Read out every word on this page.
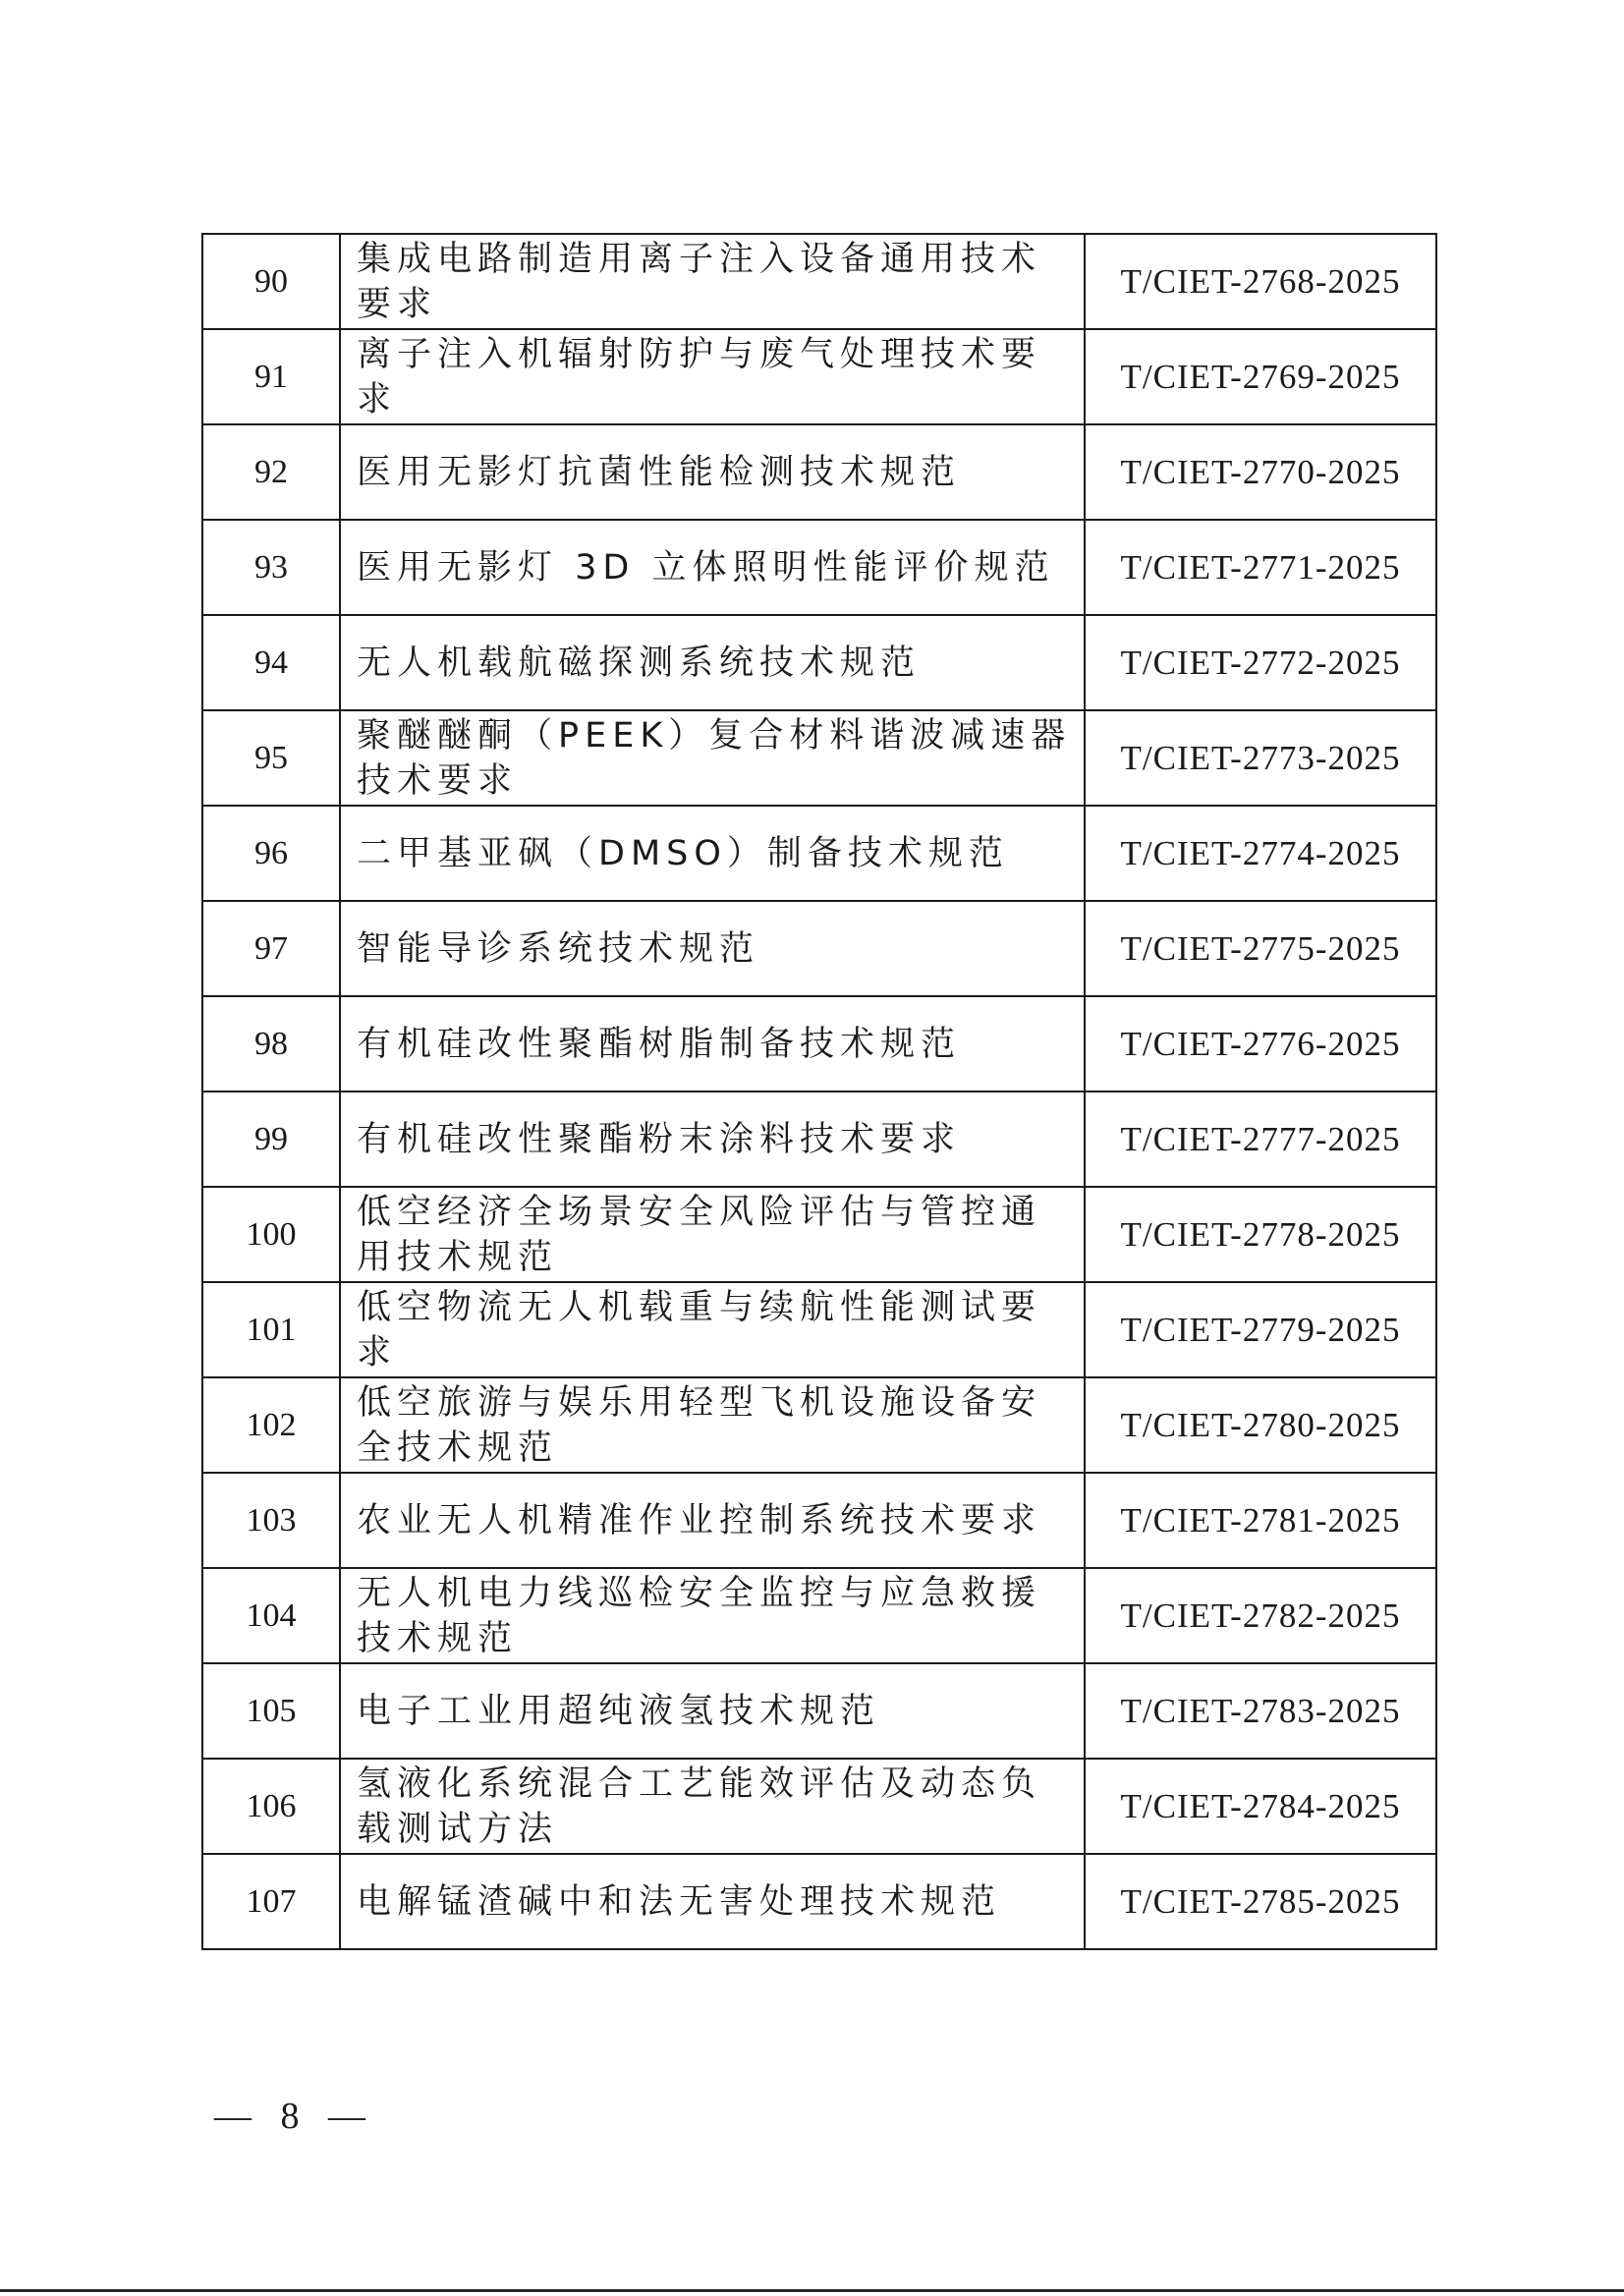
90	集成电路制造用离子注入设备通用技术要求	T/CIET-2768-2025
91	离子注入机辐射防护与废气处理技术要求	T/CIET-2769-2025
92	医用无影灯抗菌性能检测技术规范	T/CIET-2770-2025
93	医用无影灯 3D 立体照明性能评价规范	T/CIET-2771-2025
94	无人机载航磁探测系统技术规范	T/CIET-2772-2025
95	聚醚醚酮（PEEK）复合材料谐波减速器技术要求	T/CIET-2773-2025
96	二甲基亚砜（DMSO）制备技术规范	T/CIET-2774-2025
97	智能导诊系统技术规范	T/CIET-2775-2025
98	有机硅改性聚酯树脂制备技术规范	T/CIET-2776-2025
99	有机硅改性聚酯粉末涂料技术要求	T/CIET-2777-2025
100	低空经济全场景安全风险评估与管控通用技术规范	T/CIET-2778-2025
101	低空物流无人机载重与续航性能测试要求	T/CIET-2779-2025
102	低空旅游与娱乐用轻型飞机设施设备安全技术规范	T/CIET-2780-2025
103	农业无人机精准作业控制系统技术要求	T/CIET-2781-2025
104	无人机电力线巡检安全监控与应急救援技术规范	T/CIET-2782-2025
105	电子工业用超纯液氢技术规范	T/CIET-2783-2025
106	氢液化系统混合工艺能效评估及动态负载测试方法	T/CIET-2784-2025
107	电解锰渣碱中和法无害处理技术规范	T/CIET-2785-2025
— 8 —
